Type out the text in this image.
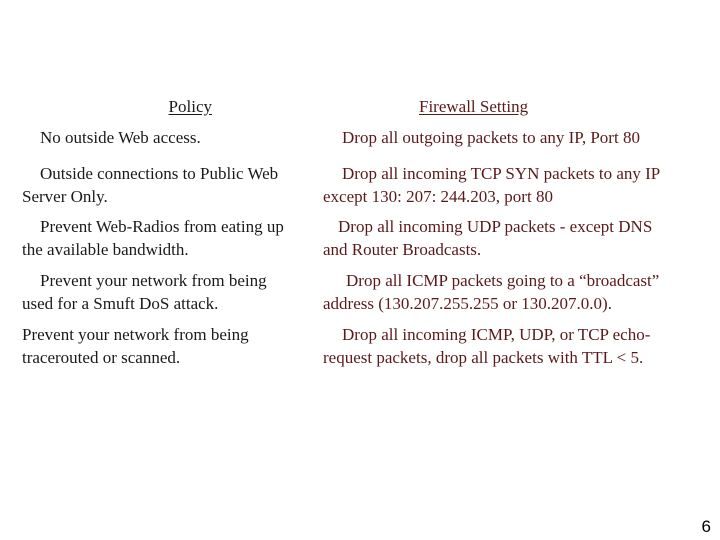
Policy	Firewall Setting
No outside Web access.	Drop all outgoing packets to any IP, Port 80
Outside connections to Public Web
Server Only.
Drop all incoming TCP SYN packets to any IP
except 130: 207: 244.203, port 80
Prevent Web-Radios from eating up
the available bandwidth.
Drop all incoming UDP packets - except DNS
and Router Broadcasts.
Prevent your network from being
used for a Smuft DoS attack.
Drop all ICMP packets going to a “broadcast”
address (130.207.255.255 or 130.207.0.0).
Prevent your network from being
tracerouted or scanned.
Drop all incoming ICMP, UDP, or TCP echo-
request packets, drop all packets with TTL < 5.
6
